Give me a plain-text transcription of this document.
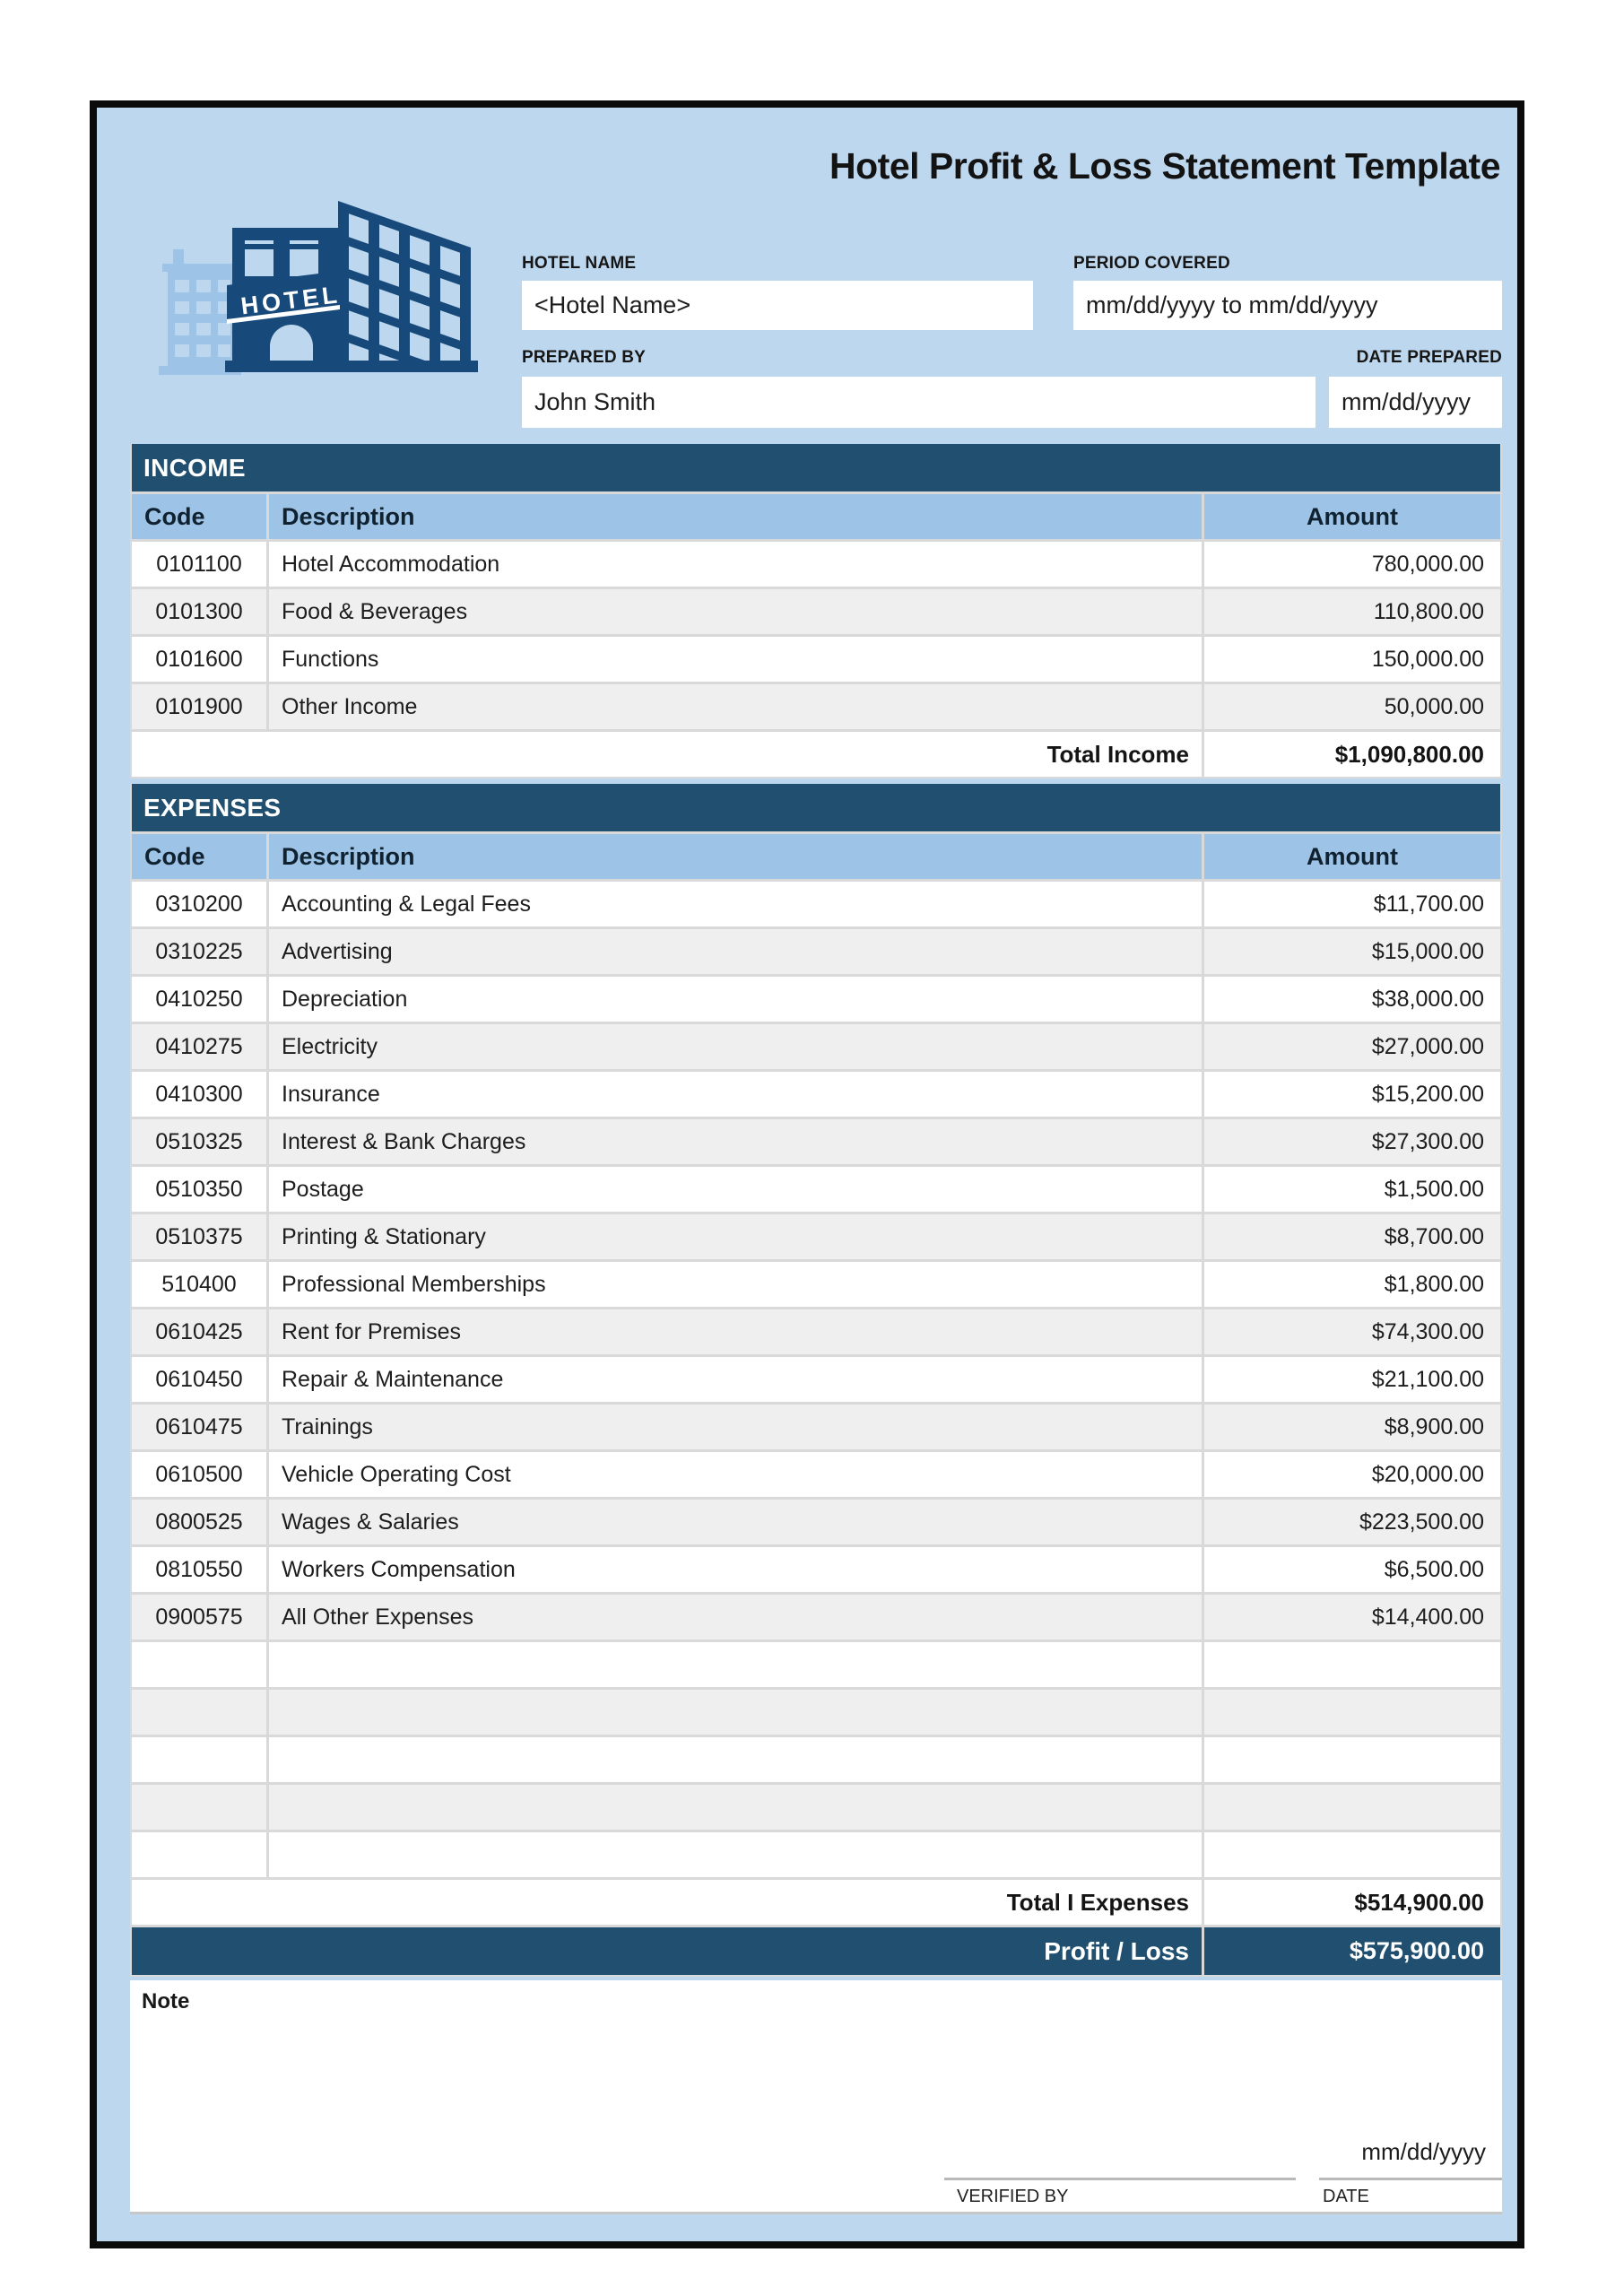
HOTEL
Hotel Profit & Loss Statement Template
HOTEL NAME
<Hotel Name>
PERIOD COVERED
mm/dd/yyyy to mm/dd/yyyy
PREPARED BY
John Smith
DATE PREPARED
mm/dd/yyyy
INCOME
Code	Description	Amount
0101100	Hotel Accommodation	780,000.00
0101300	Food & Beverages	110,800.00
0101600	Functions	150,000.00
0101900	Other Income	50,000.00
Total Income	$1,090,800.00
EXPENSES
Code	Description	Amount
0310200	Accounting & Legal Fees	$11,700.00
0310225	Advertising	$15,000.00
0410250	Depreciation	$38,000.00
0410275	Electricity	$27,000.00
0410300	Insurance	$15,200.00
0510325	Interest & Bank Charges	$27,300.00
0510350	Postage	$1,500.00
0510375	Printing & Stationary	$8,700.00
510400	Professional Memberships	$1,800.00
0610425	Rent for Premises	$74,300.00
0610450	Repair & Maintenance	$21,100.00
0610475	Trainings	$8,900.00
0610500	Vehicle Operating Cost	$20,000.00
0800525	Wages & Salaries	$223,500.00
0810550	Workers Compensation	$6,500.00
0900575	All Other Expenses	$14,400.00
Total I Expenses	$514,900.00
Profit / Loss	$575,900.00
Note
mm/dd/yyyy
VERIFIED BY	DATE
